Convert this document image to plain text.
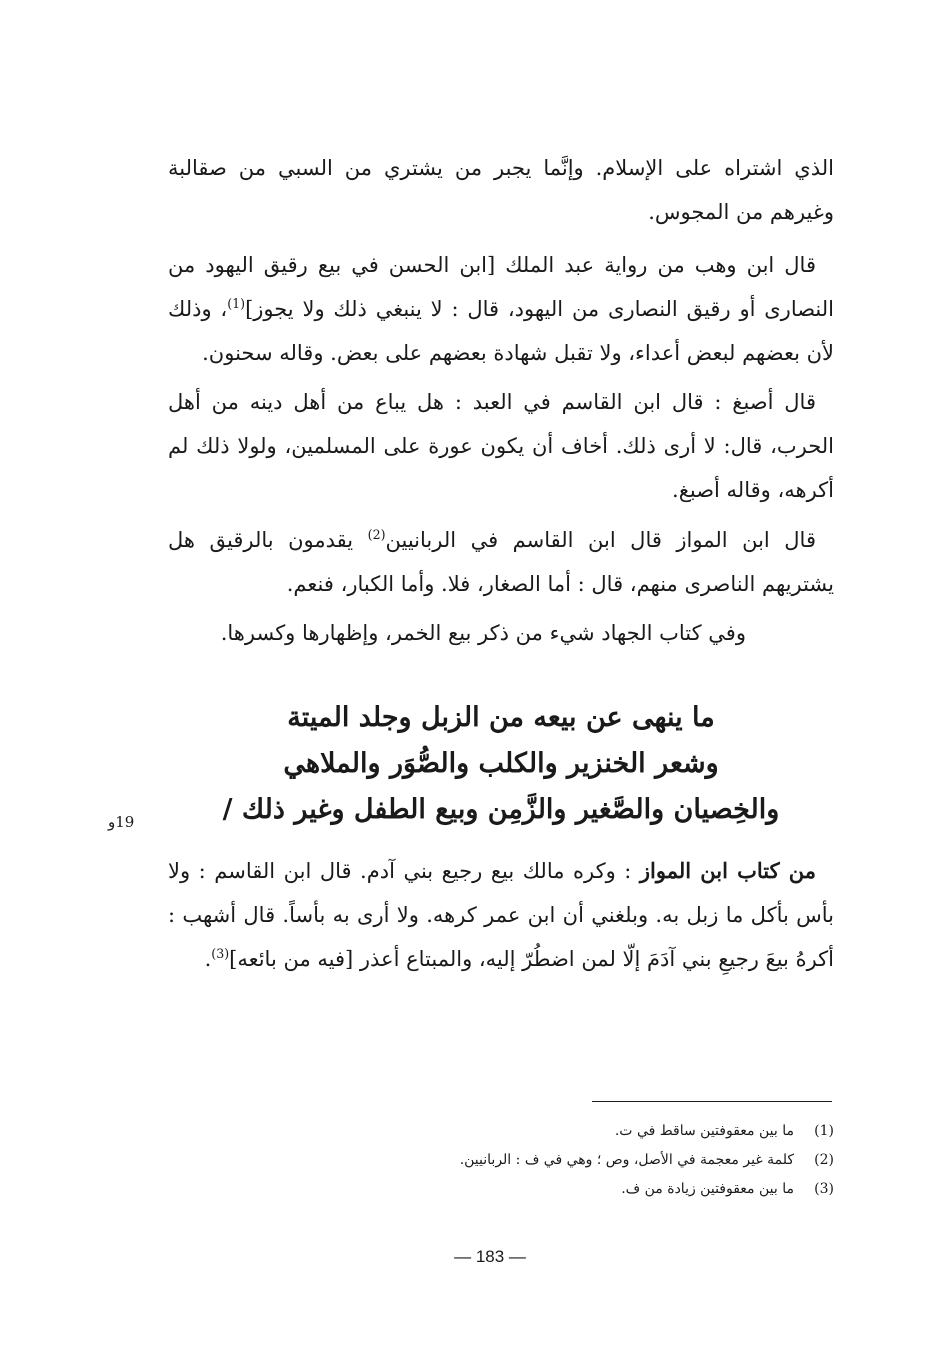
الذي اشتراه على الإسلام. وإنَّما يجبر من يشتري من السبي من صقالبة وغيرهم من المجوس.

قال ابن وهب من رواية عبد الملك [ابن الحسن في بيع رقيق اليهود من النصارى أو رقيق النصارى من اليهود، قال : لا ينبغي ذلك ولا يجوز]$^{(1)}$، وذلك لأن بعضهم لبعض أعداء، ولا تقبل شهادة بعضهم على بعض. وقاله سحنون.

قال أصبغ : قال ابن القاسم في العبد : هل يباع من أهل دينه من أهل الحرب، قال: لا أرى ذلك. أخاف أن يكون عورة على المسلمين، ولولا ذلك لم أكرهه، وقاله أصبغ.

قال ابن المواز قال ابن القاسم في الربانيين$^{(2)}$ يقدمون بالرقيق هل يشتريهم الناصرى منهم، قال : أما الصغار، فلا. وأما الكبار، فنعم.

وفي كتاب الجهاد شيء من ذكر بيع الخمر، وإظهارها وكسرها.

ما ينهى عن بيعه من الزبل وجلد الميتة
وشعر الخنزير والكلب والصُّوَر والملاهي
والخِصيان والصَّغير والزَّمِن وبيع الطفل وغير ذلك /
19و

من كتاب ابن المواز : وكره مالك بيع رجيع بني آدم. قال ابن القاسم : ولا بأس بأكل ما زبل به. وبلغني أن ابن عمر كرهه. ولا أرى به بأساً. قال أشهب : أكرهُ بيعَ رجيعِ بني آدَمَ إلّا لمن اضطُرّ إليه، والمبتاع أعذر [فيه من بائعه]$^{(3)}$.

(1)
ما بين معقوفتين ساقط في ت.
(2)
كلمة غير معجمة في الأصل، وص ؛ وهي في ف : الربانيين.
(3)
ما بين معقوفتين زيادة من ف.
— 183 —
